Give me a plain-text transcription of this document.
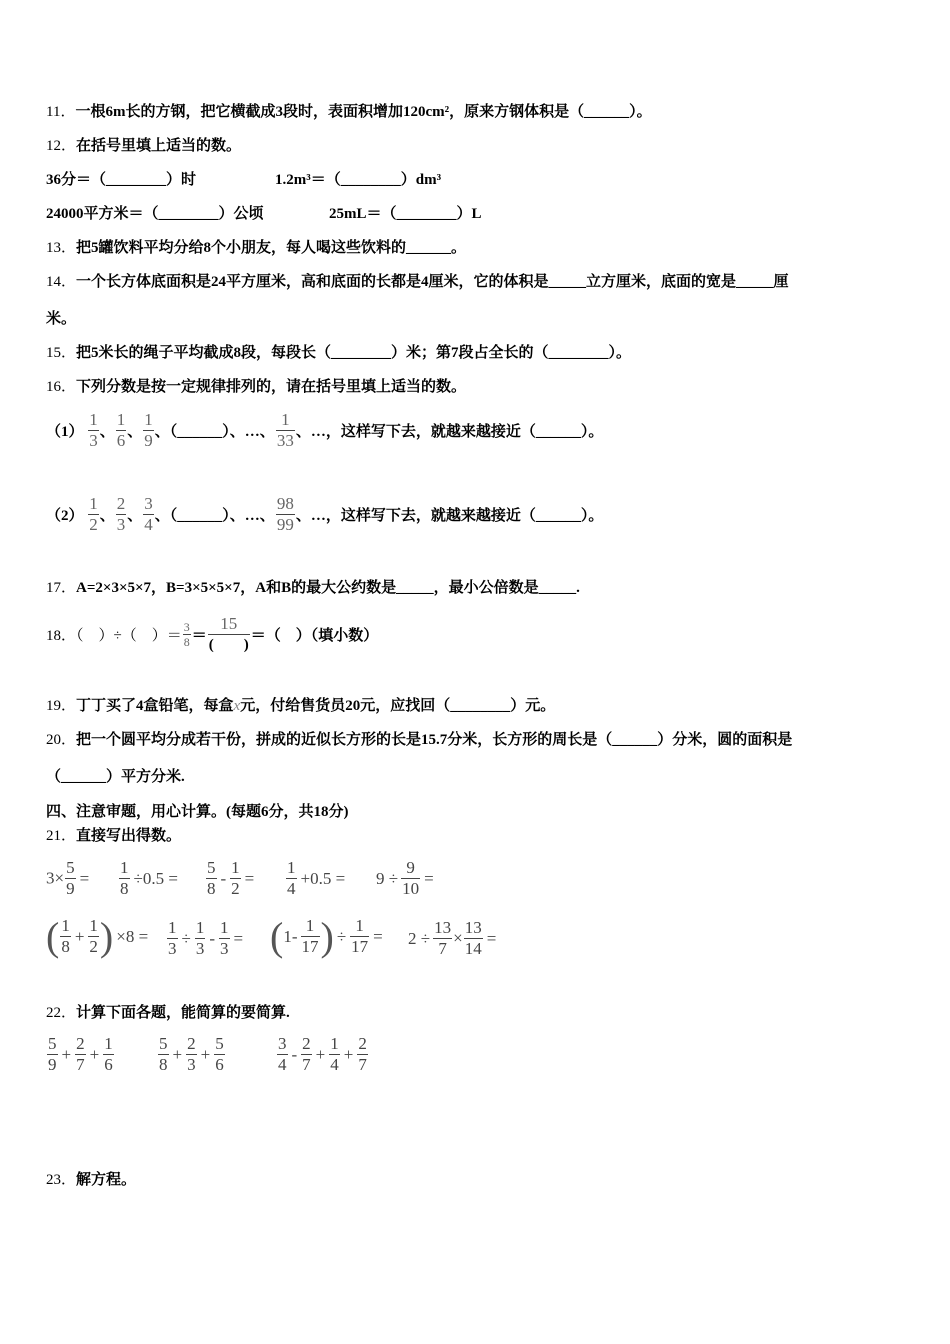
11．一根6m长的方钢，把它横截成3段时，表面积增加120cm²，原来方钢体积是（______）。
12．在括号里填上适当的数。
36分＝（________）时	1.2m³＝（________）dm³
24000平方米＝（________）公顷	25mL＝（________）L
13．把5罐饮料平均分给8个小朋友，每人喝这些饮料的______。
14．一个长方体底面积是24平方厘米，高和底面的长都是4厘米，它的体积是_____立方厘米，底面的宽是_____厘
米。
15．把5米长的绳子平均截成8段，每段长（________）米；第7段占全长的（________）。
16．下列分数是按一定规律排列的，请在括号里填上适当的数。
$(1) \frac{1}{3}$ 、 $\frac{1}{6}$ 、 $\frac{1}{9}$ 、（______）、…、 $\frac{1}{33}$ 、…，这样写下去，就越来越接近（______）。
$(2) \frac{1}{2}$ 、 $\frac{2}{3}$ 、 $\frac{3}{4}$ 、（______）、…、 $\frac{98}{99}$ 、…，这样写下去，就越来越接近（______）。
17．A=2×3×5×7，B=3×5×5×7，A和B的最大公约数是_____，最小公倍数是_____.
18．（　）÷（　）＝ $\frac{3}{8} = \frac{15}{( )}$ ＝（　）（填小数）
19．丁丁买了4盒铅笔，每盒x元，付给售货员20元，应找回（________）元。
20．把一个圆平均分成若干份，拼成的近似长方形的长是15.7分米，长方形的周长是（______）分米，圆的面积是
（______）平方分米.
四、注意审题，用心计算。(每题6分，共18分)
21．直接写出得数。
$3\times \frac{5}{9} = \frac{1}{8} \div 0.5 = \frac{5}{8} - \frac{1}{2} = \frac{1}{4} +0.5 = 9 \div \frac{9}{10}$ =
( $\frac{1}{8} + \frac{1}{2}$ ) $\times 8 = \frac{1}{3} \div \frac{1}{3} - \frac{1}{3} = (1- \frac{1}{17}$ ) ÷ $\frac{1}{17} = 2 \div \frac{13}{7} \times \frac{13}{14}$ =
22．计算下面各题，能简算的要简算.
$\frac{5}{9} + \frac{2}{7} + \frac{1}{6}$	$\frac{5}{8} + \frac{2}{3} + \frac{5}{6}$	$\frac{3}{4} - \frac{2}{7} + \frac{1}{4} + \frac{2}{7}$
23．解方程。
